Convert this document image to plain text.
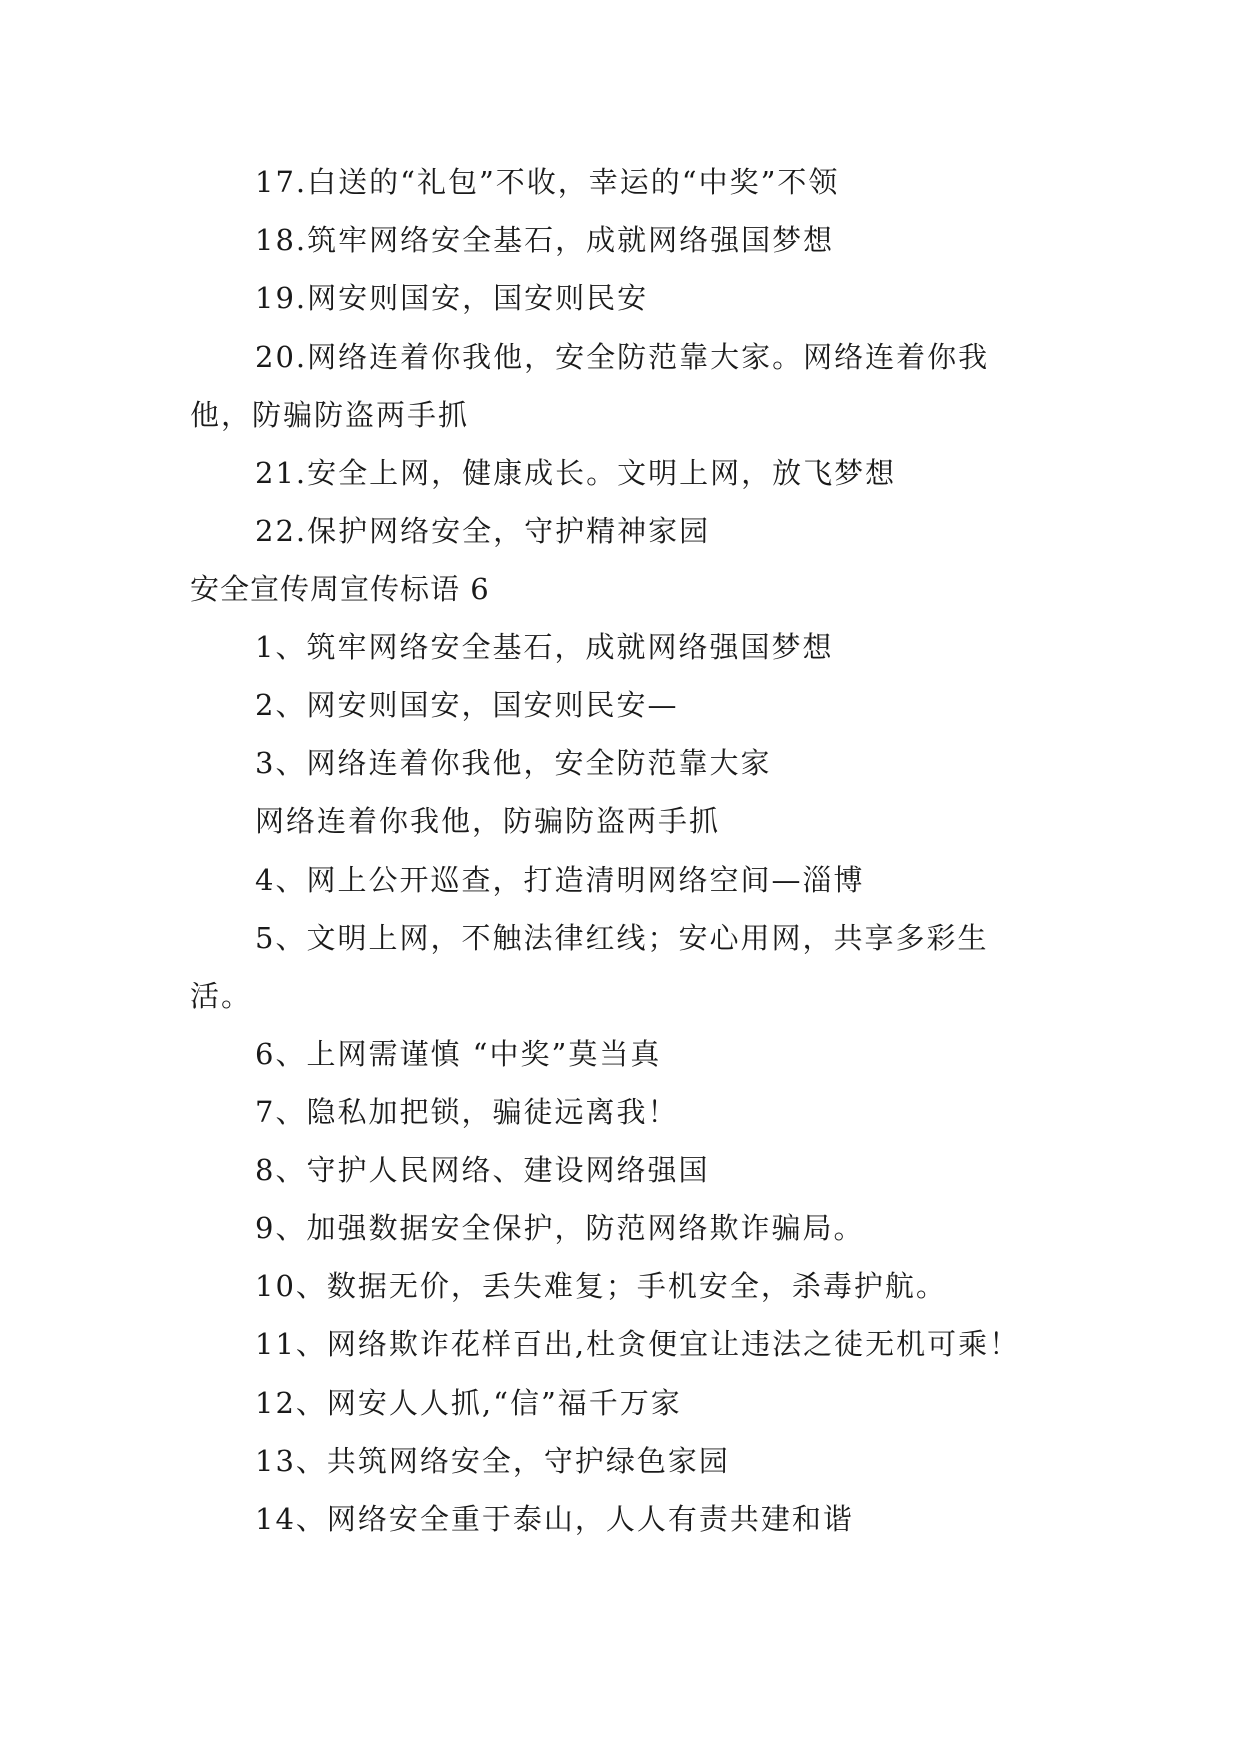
17.白送的“礼包”不收，幸运的“中奖”不领
18.筑牢网络安全基石，成就网络强国梦想
19.网安则国安，国安则民安
20.网络连着你我他，安全防范靠大家。网络连着你我
他，防骗防盗两手抓
21.安全上网，健康成长。文明上网，放飞梦想
22.保护网络安全，守护精神家园
安全宣传周宣传标语 6
1、筑牢网络安全基石，成就网络强国梦想
2、网安则国安，国安则民安—
3、网络连着你我他，安全防范靠大家
网络连着你我他，防骗防盗两手抓
4、网上公开巡查，打造清明网络空间—淄博
5、文明上网，不触法律红线；安心用网，共享多彩生
活。
6、上网需谨慎 “中奖”莫当真
7、隐私加把锁，骗徒远离我！
8、守护人民网络、建设网络强国
9、加强数据安全保护，防范网络欺诈骗局。
10、数据无价，丢失难复；手机安全，杀毒护航。
11、网络欺诈花样百出,杜贪便宜让违法之徒无机可乘！
12、网安人人抓,“信”福千万家
13、共筑网络安全，守护绿色家园
14、网络安全重于泰山，人人有责共建和谐
